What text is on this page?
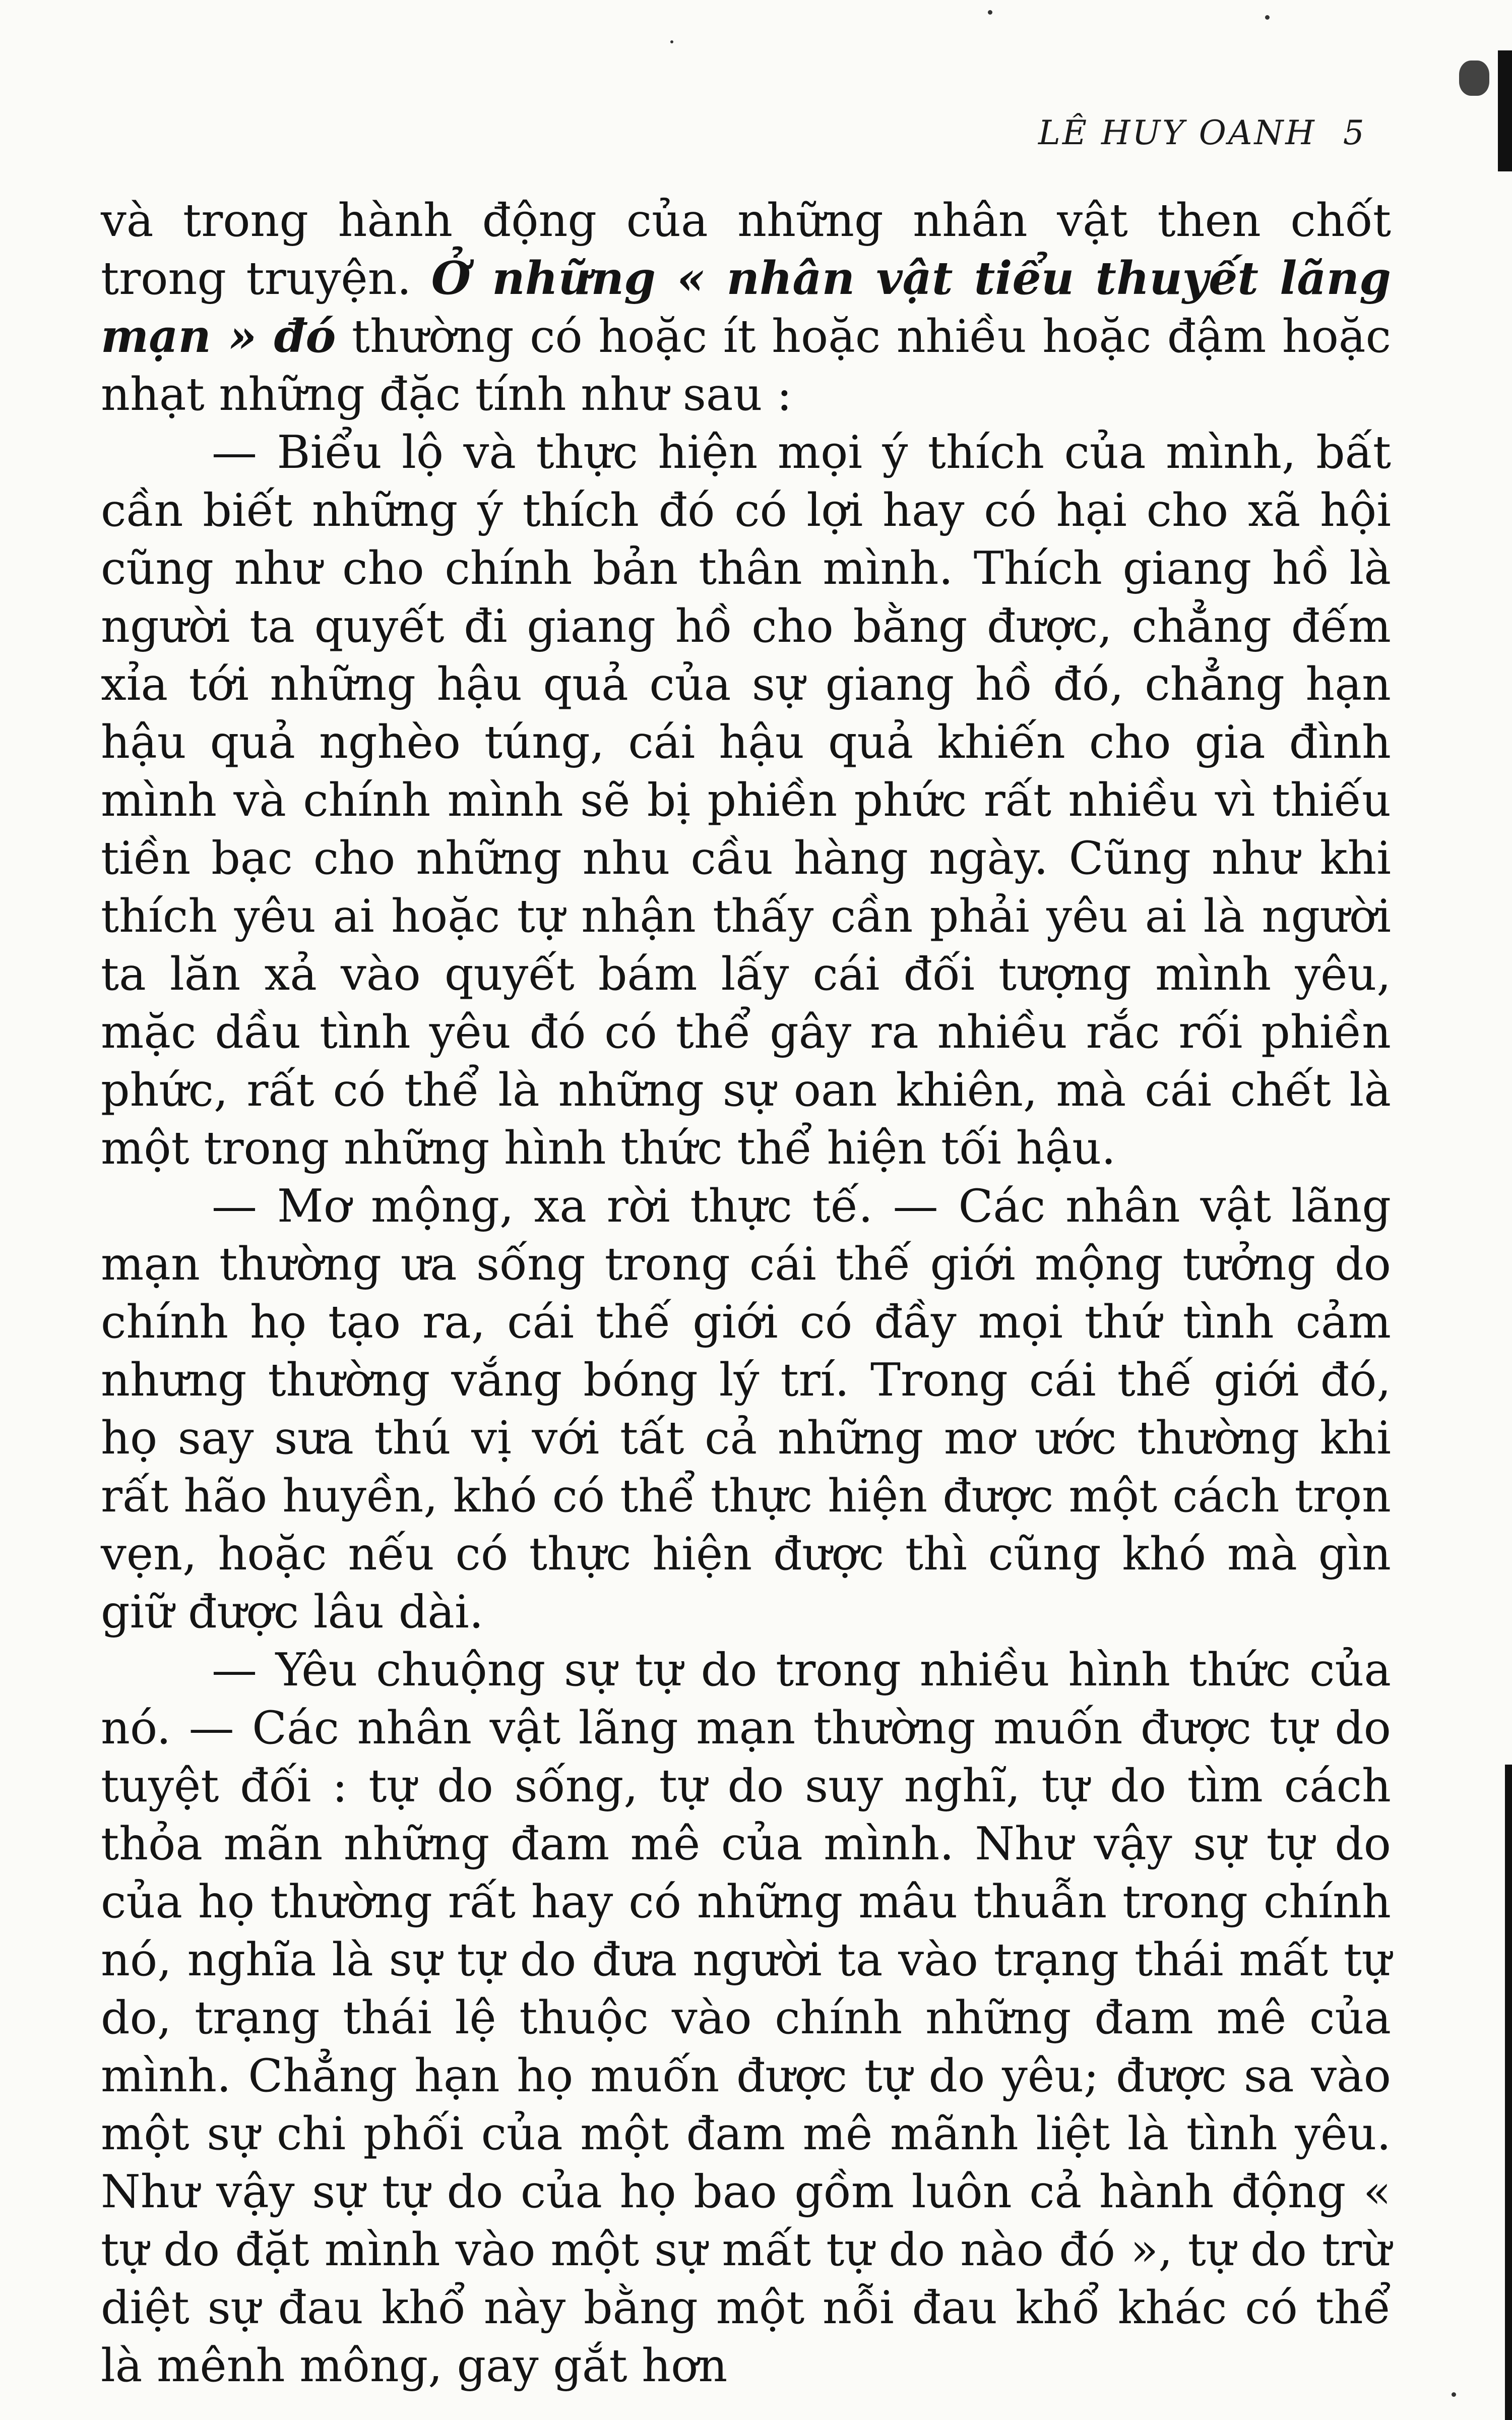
LÊ HUY OANH 5

và trong hành động của những nhân vật then chốt trong truyện. Ở những « nhân vật tiểu thuyết lãng mạn » đó thường có hoặc ít hoặc nhiều hoặc đậm hoặc nhạt những đặc tính như sau :

— Biểu lộ và thực hiện mọi ý thích của mình, bất cần biết những ý thích đó có lợi hay có hại cho xã hội cũng như cho chính bản thân mình. Thích giang hồ là người ta quyết đi giang hồ cho bằng được, chẳng đếm xỉa tới những hậu quả của sự giang hồ đó, chẳng hạn hậu quả nghèo túng, cái hậu quả khiến cho gia đình mình và chính mình sẽ bị phiền phức rất nhiều vì thiếu tiền bạc cho những nhu cầu hàng ngày. Cũng như khi thích yêu ai hoặc tự nhận thấy cần phải yêu ai là người ta lăn xả vào quyết bám lấy cái đối tượng mình yêu, mặc dầu tình yêu đó có thể gây ra nhiều rắc rối phiền phức, rất có thể là những sự oan khiên, mà cái chết là một trong những hình thức thể hiện tối hậu.

— Mơ mộng, xa rời thực tế. — Các nhân vật lãng mạn thường ưa sống trong cái thế giới mộng tưởng do chính họ tạo ra, cái thế giới có đầy mọi thứ tình cảm nhưng thường vắng bóng lý trí. Trong cái thế giới đó, họ say sưa thú vị với tất cả những mơ ước thường khi rất hão huyền, khó có thể thực hiện được một cách trọn vẹn, hoặc nếu có thực hiện được thì cũng khó mà gìn giữ được lâu dài.

— Yêu chuộng sự tự do trong nhiều hình thức của nó. — Các nhân vật lãng mạn thường muốn được tự do tuyệt đối : tự do sống, tự do suy nghĩ, tự do tìm cách thỏa mãn những đam mê của mình. Như vậy sự tự do của họ thường rất hay có những mâu thuẫn trong chính nó, nghĩa là sự tự do đưa người ta vào trạng thái mất tự do, trạng thái lệ thuộc vào chính những đam mê của mình. Chẳng hạn họ muốn được tự do yêu; được sa vào một sự chi phối của một đam mê mãnh liệt là tình yêu. Như vậy sự tự do của họ bao gồm luôn cả hành động « tự do đặt mình vào một sự mất tự do nào đó », tự do trừ diệt sự đau khổ này bằng một nỗi đau khổ khác có thể là mênh mông, gay gắt hơn
